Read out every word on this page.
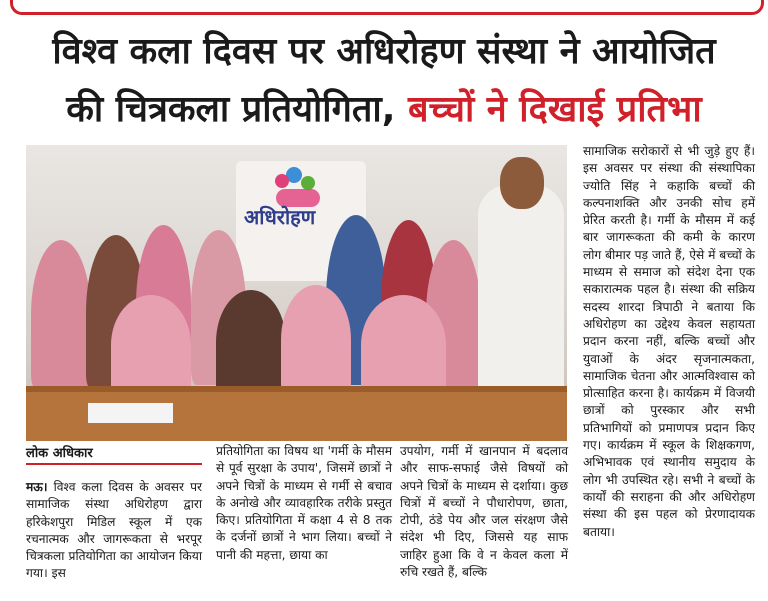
विश्व कला दिवस पर अधिरोहण संस्था ने आयोजित
की चित्रकला प्रतियोगिता, बच्चों ने दिखाई प्रतिभा
अधिरोहण
लोक अधिकार

मऊ। विश्व कला दिवस के अवसर पर सामाजिक संस्था अधिरोहण द्वारा हरिकेशपुरा मिडिल स्कूल में एक रचनात्मक और जागरूकता से भरपूर चित्रकला प्रतियोगिता का आयोजन किया गया। इस

प्रतियोगिता का विषय था 'गर्मी के मौसम से पूर्व सुरक्षा के उपाय', जिसमें छात्रों ने अपने चित्रों के माध्यम से गर्मी से बचाव के अनोखे और व्यावहारिक तरीके प्रस्तुत किए। प्रतियोगिता में कक्षा 4 से 8 तक के दर्जनों छात्रों ने भाग लिया। बच्चों ने पानी की महत्ता, छाया का

उपयोग, गर्मी में खानपान में बदलाव और साफ-सफाई जैसे विषयों को अपने चित्रों के माध्यम से दर्शाया। कुछ चित्रों में बच्चों ने पौधारोपण, छाता, टोपी, ठंडे पेय और जल संरक्षण जैसे संदेश भी दिए, जिससे यह साफ जाहिर हुआ कि वे न केवल कला में रुचि रखते हैं, बल्कि

सामाजिक सरोकारों से भी जुड़े हुए हैं। इस अवसर पर संस्था की संस्थापिका ज्योति सिंह ने कहाकि बच्चों की कल्पनाशक्ति और उनकी सोच हमें प्रेरित करती है। गर्मी के मौसम में कई बार जागरूकता की कमी के कारण लोग बीमार पड़ जाते हैं, ऐसे में बच्चों के माध्यम से समाज को संदेश देना एक सकारात्मक पहल है। संस्था की सक्रिय सदस्य शारदा त्रिपाठी ने बताया कि अधिरोहण का उद्देश्य केवल सहायता प्रदान करना नहीं, बल्कि बच्चों और युवाओं के अंदर सृजनात्मकता, सामाजिक चेतना और आत्मविश्वास को प्रोत्साहित करना है। कार्यक्रम में विजयी छात्रों को पुरस्कार और सभी प्रतिभागियों को प्रमाणपत्र प्रदान किए गए। कार्यक्रम में स्कूल के शिक्षकगण, अभिभावक एवं स्थानीय समुदाय के लोग भी उपस्थित रहे। सभी ने बच्चों के कार्यों की सराहना की और अधिरोहण संस्था की इस पहल को प्रेरणादायक बताया।
